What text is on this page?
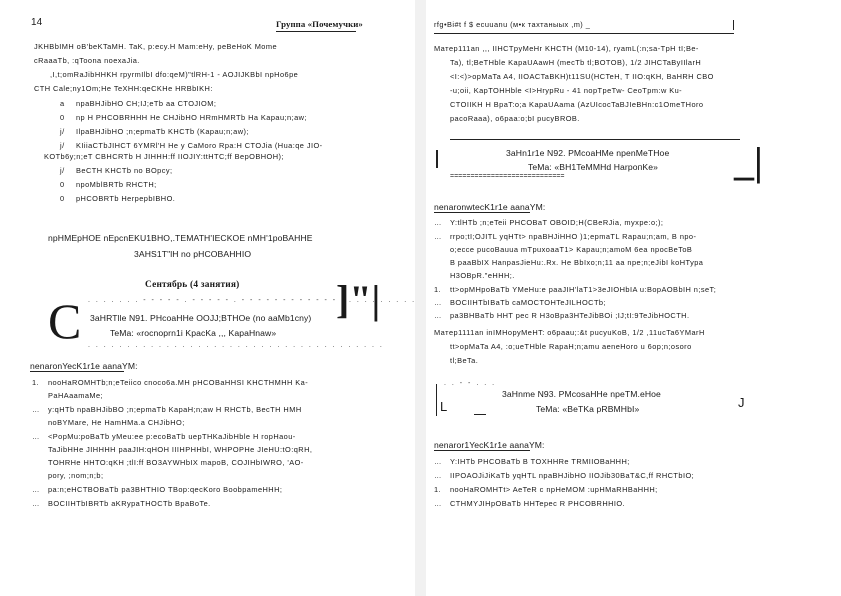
14	Группа «Почемучки»
JKHBbIMH oB'beKTaMH. TaK, p:ecy.H Mam:eHy, peBeHoK Mome
cRaaaTb, :qToona noexaJia.
,I,t;omRaJibHHKH rpyrmIlbI dfo:qeM)"tlRH-1 - AOJIJKBbI npHo6pe
CTH Cale;ny1Om;He TeXHH:qeCKHe HRBbIKH:
a npaBHJibHO CH;IJ;eTb aa CTOJIOM;
0 np H PHCOBRHHH He CHJibHO HRmHMRTb Ha Kapau;n;aw;
j/ IlpaBHJibHO ;n;epmaTb KHCTb (Kapau;n;aw);
j/ KIiiaCTbJIHCT 6YMRl'H He y CaMoro Rpa:H CTOJia (Hua:qe JIO-
KOTb6y;n;eT CBHCRTb H JIHHH:ff IIOJIY:ttHTC;ff BepOBHOH);
j/ BeCTH KHCTb no BOpcy;
0 npoMblBRTb RHCTH;
0 pHCOBRTb HerpepbIBHO.
npHMEpHOE nEpcnEKU1BHO,.TEMATH'IECKOE nMH'1poBAHHE
3AHS1T"lH no pHCOBAHHIO
Сентябрь (4 занятия)
C . . . . . . . - - - - - . - - - - - . - - - - - - - - - - - - . . . . . . . . . .
3aHRTlle N91. PHcoaHHe OOJJ;BTHOe (no aaMb1cny)
TeMa: «rocnoprn1i KpacKa ,,, KapaHnaw»
. . . . . . . . . . . . . . . . . . . . . . . . . . . . . . . . . . . . . .
]"|
nenaronYecK1r1e aanaYM:
1. nooHaROMHTb;n;eTeiico cnoco6a.MH pHCOBaHHSI KHCTHMHH Ka-
PaHAaamaMe;
… y:qHTb npaBHJibBO ;n;epmaTb KapaH;n;aw H RHCTb, BecTH HMH
noBYMare, He HamHMa.a CHJibHO;
… <PopMu:poBaTb yMeu:ee p:ecoBaTb uepTHKaJibHble H ropHaou-
TaJibHHe JIHHHH paaJIH:qHOH IIIHPHHbI, WHPOPHe JIeHU:tO:qRH,
TOHRHe HHTO:qKH ;tlI:ff BO3AYWHbIX mapoB, COJIHbIWRO, 'AO-
pory, ;nom;n;b;
… pa:n;eHCTBOBaTb pa3BHTHIO TBop:qecKoro BoobpameHHH;
… BOCIIHTbIBRTb aKRypaTHOCTb BpaBoTe.
rfg•Bi#t f $ ecuuanu (м•к тахтаныых ,m) _
Maтep111an ,,, IIHCTpyMeHr KHCTH (M10-14), ryamL(:n;sa-TpH tI;Be-
Ta), tl;BeTHble KapaUAawH (mecTb tl;BOTOB), 1/2 JIHCTaByIIlarH
<I:<)>opMaTa A4, IIOACTaBKH)t11SU(HCTeH, T IIO:qKH, BaHRH CBO
-u;oii, KapTOHHble <I>HrypRu - 41 nopTpeTw- CeoTpm:w Ku-
CTOIIKH H BpaT:o;a KapaUAama (AzUIcocTaBJIeBHn:c1OmeTHoro
pacoRaaa), o6paa:o;bI pucyBROB.
3aHn1r1e N92. PMcoaHMe npenMeTHoe
TeMa: «BH1TeMMHd HarpoпKe»
============================	_|
nenaronwtecK1r1e aanaYM:
… Y:tlHTb ;n;eTeii PHCOBaT OBOID;H(CBeRJia, myxpe:o;);
… rrpo;tI;OJITL yqHTt> npaBHJiHHO )1;epmaTL Rapau;n;am, B npo-
o;ecce pucoBauua mTpuxoaaT1> Kapau;n;amoM 6ea npocBeToB
B paaBbIX HanpasJieHu:.Rx. He BbIxo;n;11 aa npe;n;eJibI koHTypa
H3OBpR."eHHH;.
1. tt>opMHpoBaTb YMeHu:e paaJIH'laT1>3eJIOHbIA u:BopAOBbIH n;seT;
… BOCIIHTbIBaTb caMOCTOHTeJILHOCTb;
… pa3BHBaTb HHT pec R H3oBpa3HTeJibBOi ;IJ;tI:9TeJibHOCTH.
Maтep1111an inIMHopyMeHT: o6paau;:&t pucyuKoB, 1/2 ,11ucTa6YMarH
tt>opMaTa A4, :o;ueTHble RapaH;n;amu aeneHoro u 6op;n;osoro
tl;BeTa.
. . - - . . .
L
3aHnme N93. PMcosaHHe npeTM.eHoe
TeMa: «BeTKa pRBMHbI»	J
nenaror1YecK1r1e aanaYM:
… Y:IHTb PHCOBaTb B TOXHHRe TRMIIOBaHHH;
… IIPOAOJiJiKaTb yqHTL npaBHJibHO IIOJib30BaT&C,ff RHCTbIO;
1. nooHaROMHTt> AeTeR c npHeMOM :upHMaRHBaHHH;
… CTHMYJIHpOBaTb HHTepec R PHCOBRHHIO.
